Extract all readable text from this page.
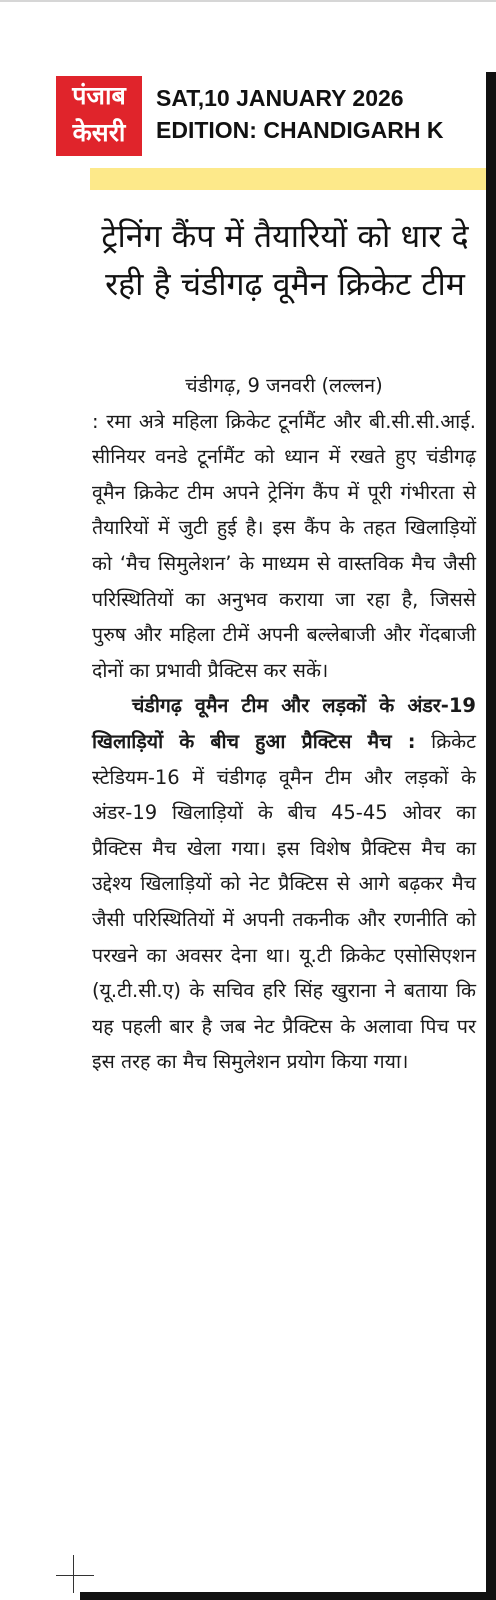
पंजाब
केसरी
SAT,10 JANUARY 2026
EDITION: CHANDIGARH K
ट्रेनिंग कैंप में तैयारियों को धार दे रही है चंडीगढ़ वूमैन क्रिकेट टीम
चंडीगढ़, 9 जनवरी (लल्लन)

: रमा अत्रे महिला क्रिकेट टूर्नामैंट और बी.सी.सी.आई. सीनियर वनडे टूर्नामैंट को ध्यान में रखते हुए चंडीगढ़ वूमैन क्रिकेट टीम अपने ट्रेनिंग कैंप में पूरी गंभीरता से तैयारियों में जुटी हुई है। इस कैंप के तहत खिलाड़ियों को ‘मैच सिमुलेशन’ के माध्यम से वास्तविक मैच जैसी परिस्थितियों का अनुभव कराया जा रहा है, जिससे पुरुष और महिला टीमें अपनी बल्लेबाजी और गेंदबाजी दोनों का प्रभावी प्रैक्टिस कर सकें।

चंडीगढ़ वूमैन टीम और लड़कों के अंडर-19 खिलाड़ियों के बीच हुआ प्रैक्टिस मैच : क्रिकेट स्टेडियम-16 में चंडीगढ़ वूमैन टीम और लड़कों के अंडर-19 खिलाड़ियों के बीच 45-45 ओवर का प्रैक्टिस मैच खेला गया। इस विशेष प्रैक्टिस मैच का उद्देश्य खिलाड़ियों को नेट प्रैक्टिस से आगे बढ़कर मैच जैसी परिस्थितियों में अपनी तकनीक और रणनीति को परखने का अवसर देना था। यू.टी क्रिकेट एसोसिएशन (यू.टी.सी.ए) के सचिव हरि सिंह खुराना ने बताया कि यह पहली बार है जब नेट प्रैक्टिस के अलावा पिच पर इस तरह का मैच सिमुलेशन प्रयोग किया गया।
